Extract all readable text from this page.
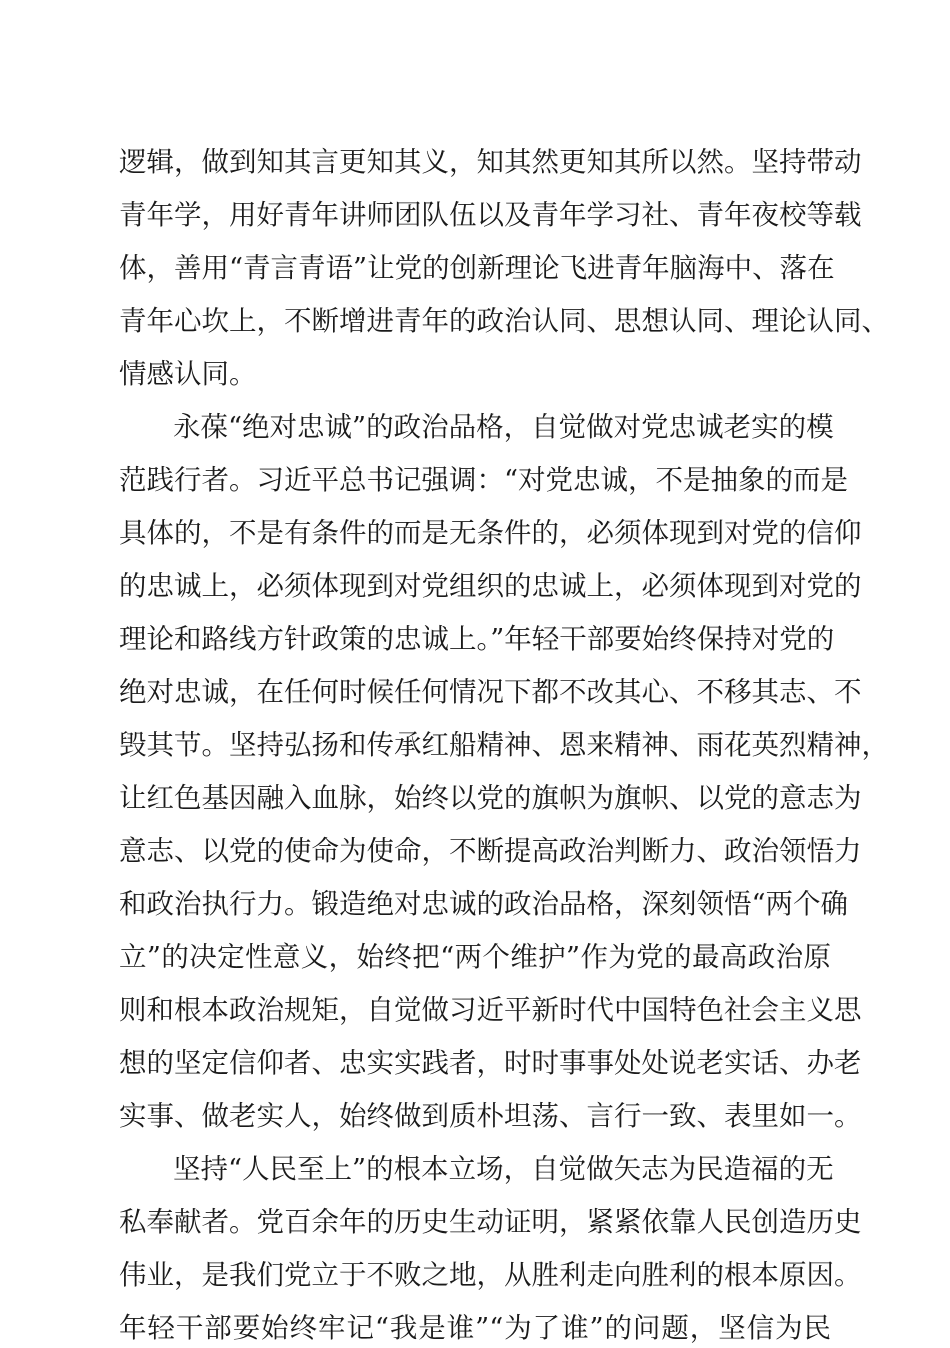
逻辑，做到知其言更知其义，知其然更知其所以然。坚持带动
青年学，用好青年讲师团队伍以及青年学习社、青年夜校等载
体，善用“青言青语”让党的创新理论飞进青年脑海中、落在
青年心坎上，不断增进青年的政治认同、思想认同、理论认同、
情感认同。
永葆“绝对忠诚”的政治品格，自觉做对党忠诚老实的模
范践行者。习近平总书记强调：“对党忠诚，不是抽象的而是
具体的，不是有条件的而是无条件的，必须体现到对党的信仰
的忠诚上，必须体现到对党组织的忠诚上，必须体现到对党的
理论和路线方针政策的忠诚上。”年轻干部要始终保持对党的
绝对忠诚，在任何时候任何情况下都不改其心、不移其志、不
毁其节。坚持弘扬和传承红船精神、恩来精神、雨花英烈精神，
让红色基因融入血脉，始终以党的旗帜为旗帜、以党的意志为
意志、以党的使命为使命，不断提高政治判断力、政治领悟力
和政治执行力。锻造绝对忠诚的政治品格，深刻领悟“两个确
立”的决定性意义，始终把“两个维护”作为党的最高政治原
则和根本政治规矩，自觉做习近平新时代中国特色社会主义思
想的坚定信仰者、忠实实践者，时时事事处处说老实话、办老
实事、做老实人，始终做到质朴坦荡、言行一致、表里如一。
坚持“人民至上”的根本立场，自觉做矢志为民造福的无
私奉献者。党百余年的历史生动证明，紧紧依靠人民创造历史
伟业，是我们党立于不败之地，从胜利走向胜利的根本原因。
年轻干部要始终牢记“我是谁”“为了谁”的问题，坚信为民
